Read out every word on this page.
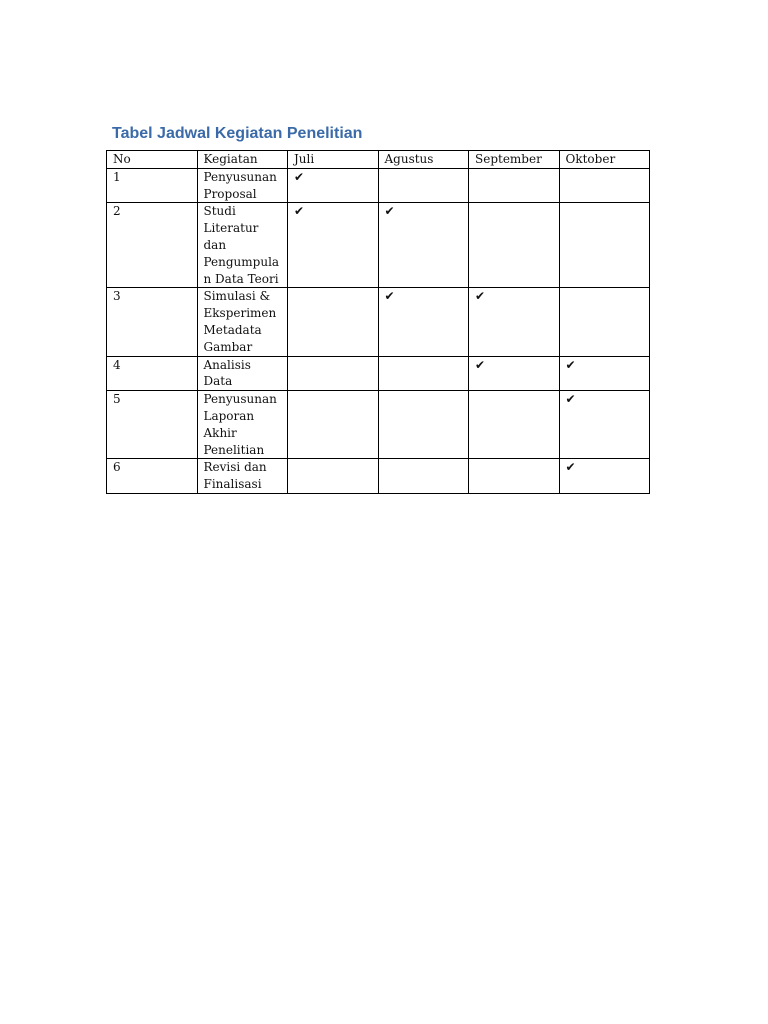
Tabel Jadwal Kegiatan Penelitian
No	Kegiatan	Juli	Agustus	September	Oktober
1	Penyusunan Proposal	✔			
2	Studi Literatur dan Pengumpulan Data Teori	✔	✔		
3	Simulasi & Eksperimen Metadata Gambar		✔	✔	
4	Analisis Data			✔	✔
5	Penyusunan Laporan Akhir Penelitian				✔
6	Revisi dan Finalisasi				✔
